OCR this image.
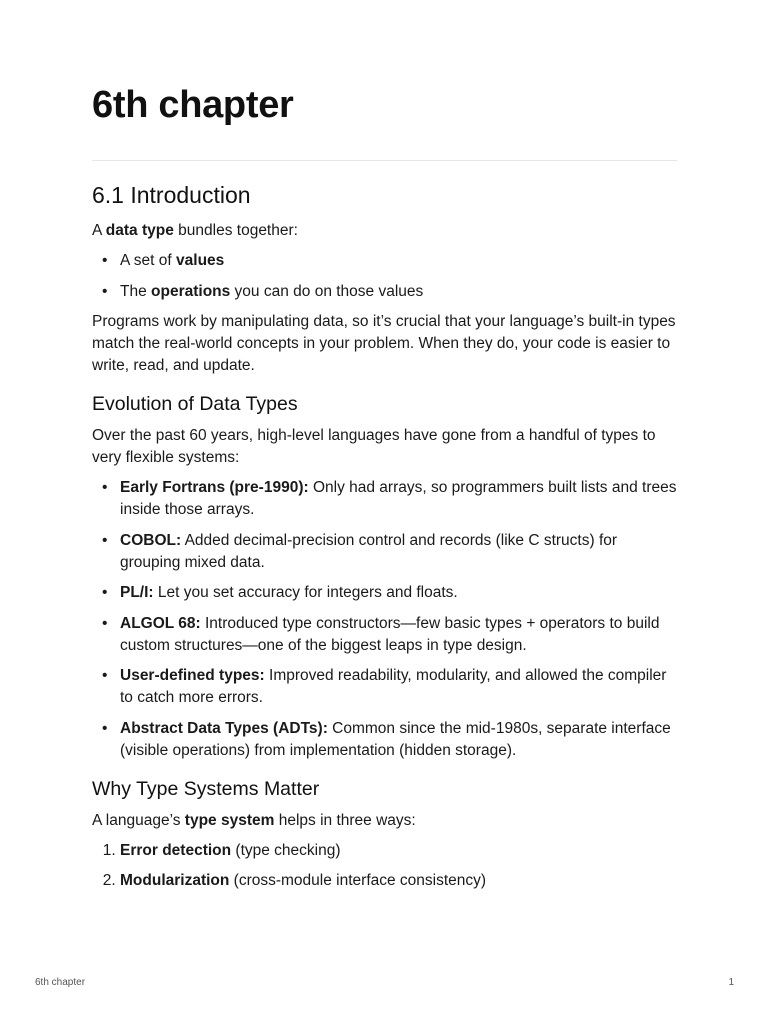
6th chapter
6.1 Introduction

A data type bundles together:

• A set of values
• The operations you can do on those values

Programs work by manipulating data, so it’s crucial that your language’s built-in types match the real-world concepts in your problem. When they do, your code is easier to write, read, and update.

Evolution of Data Types

Over the past 60 years, high-level languages have gone from a handful of types to very flexible systems:

• Early Fortrans (pre-1990): Only had arrays, so programmers built lists and trees inside those arrays.
• COBOL: Added decimal-precision control and records (like C structs) for grouping mixed data.
• PL/I: Let you set accuracy for integers and floats.
• ALGOL 68: Introduced type constructors—few basic types + operators to build custom structures—one of the biggest leaps in type design.
• User-defined types: Improved readability, modularity, and allowed the compiler to catch more errors.
• Abstract Data Types (ADTs): Common since the mid-1980s, separate interface (visible operations) from implementation (hidden storage).
Why Type Systems Matter

A language’s type system helps in three ways:

1. Error detection (type checking)
2. Modularization (cross-module interface consistency)
6th chapter	1
